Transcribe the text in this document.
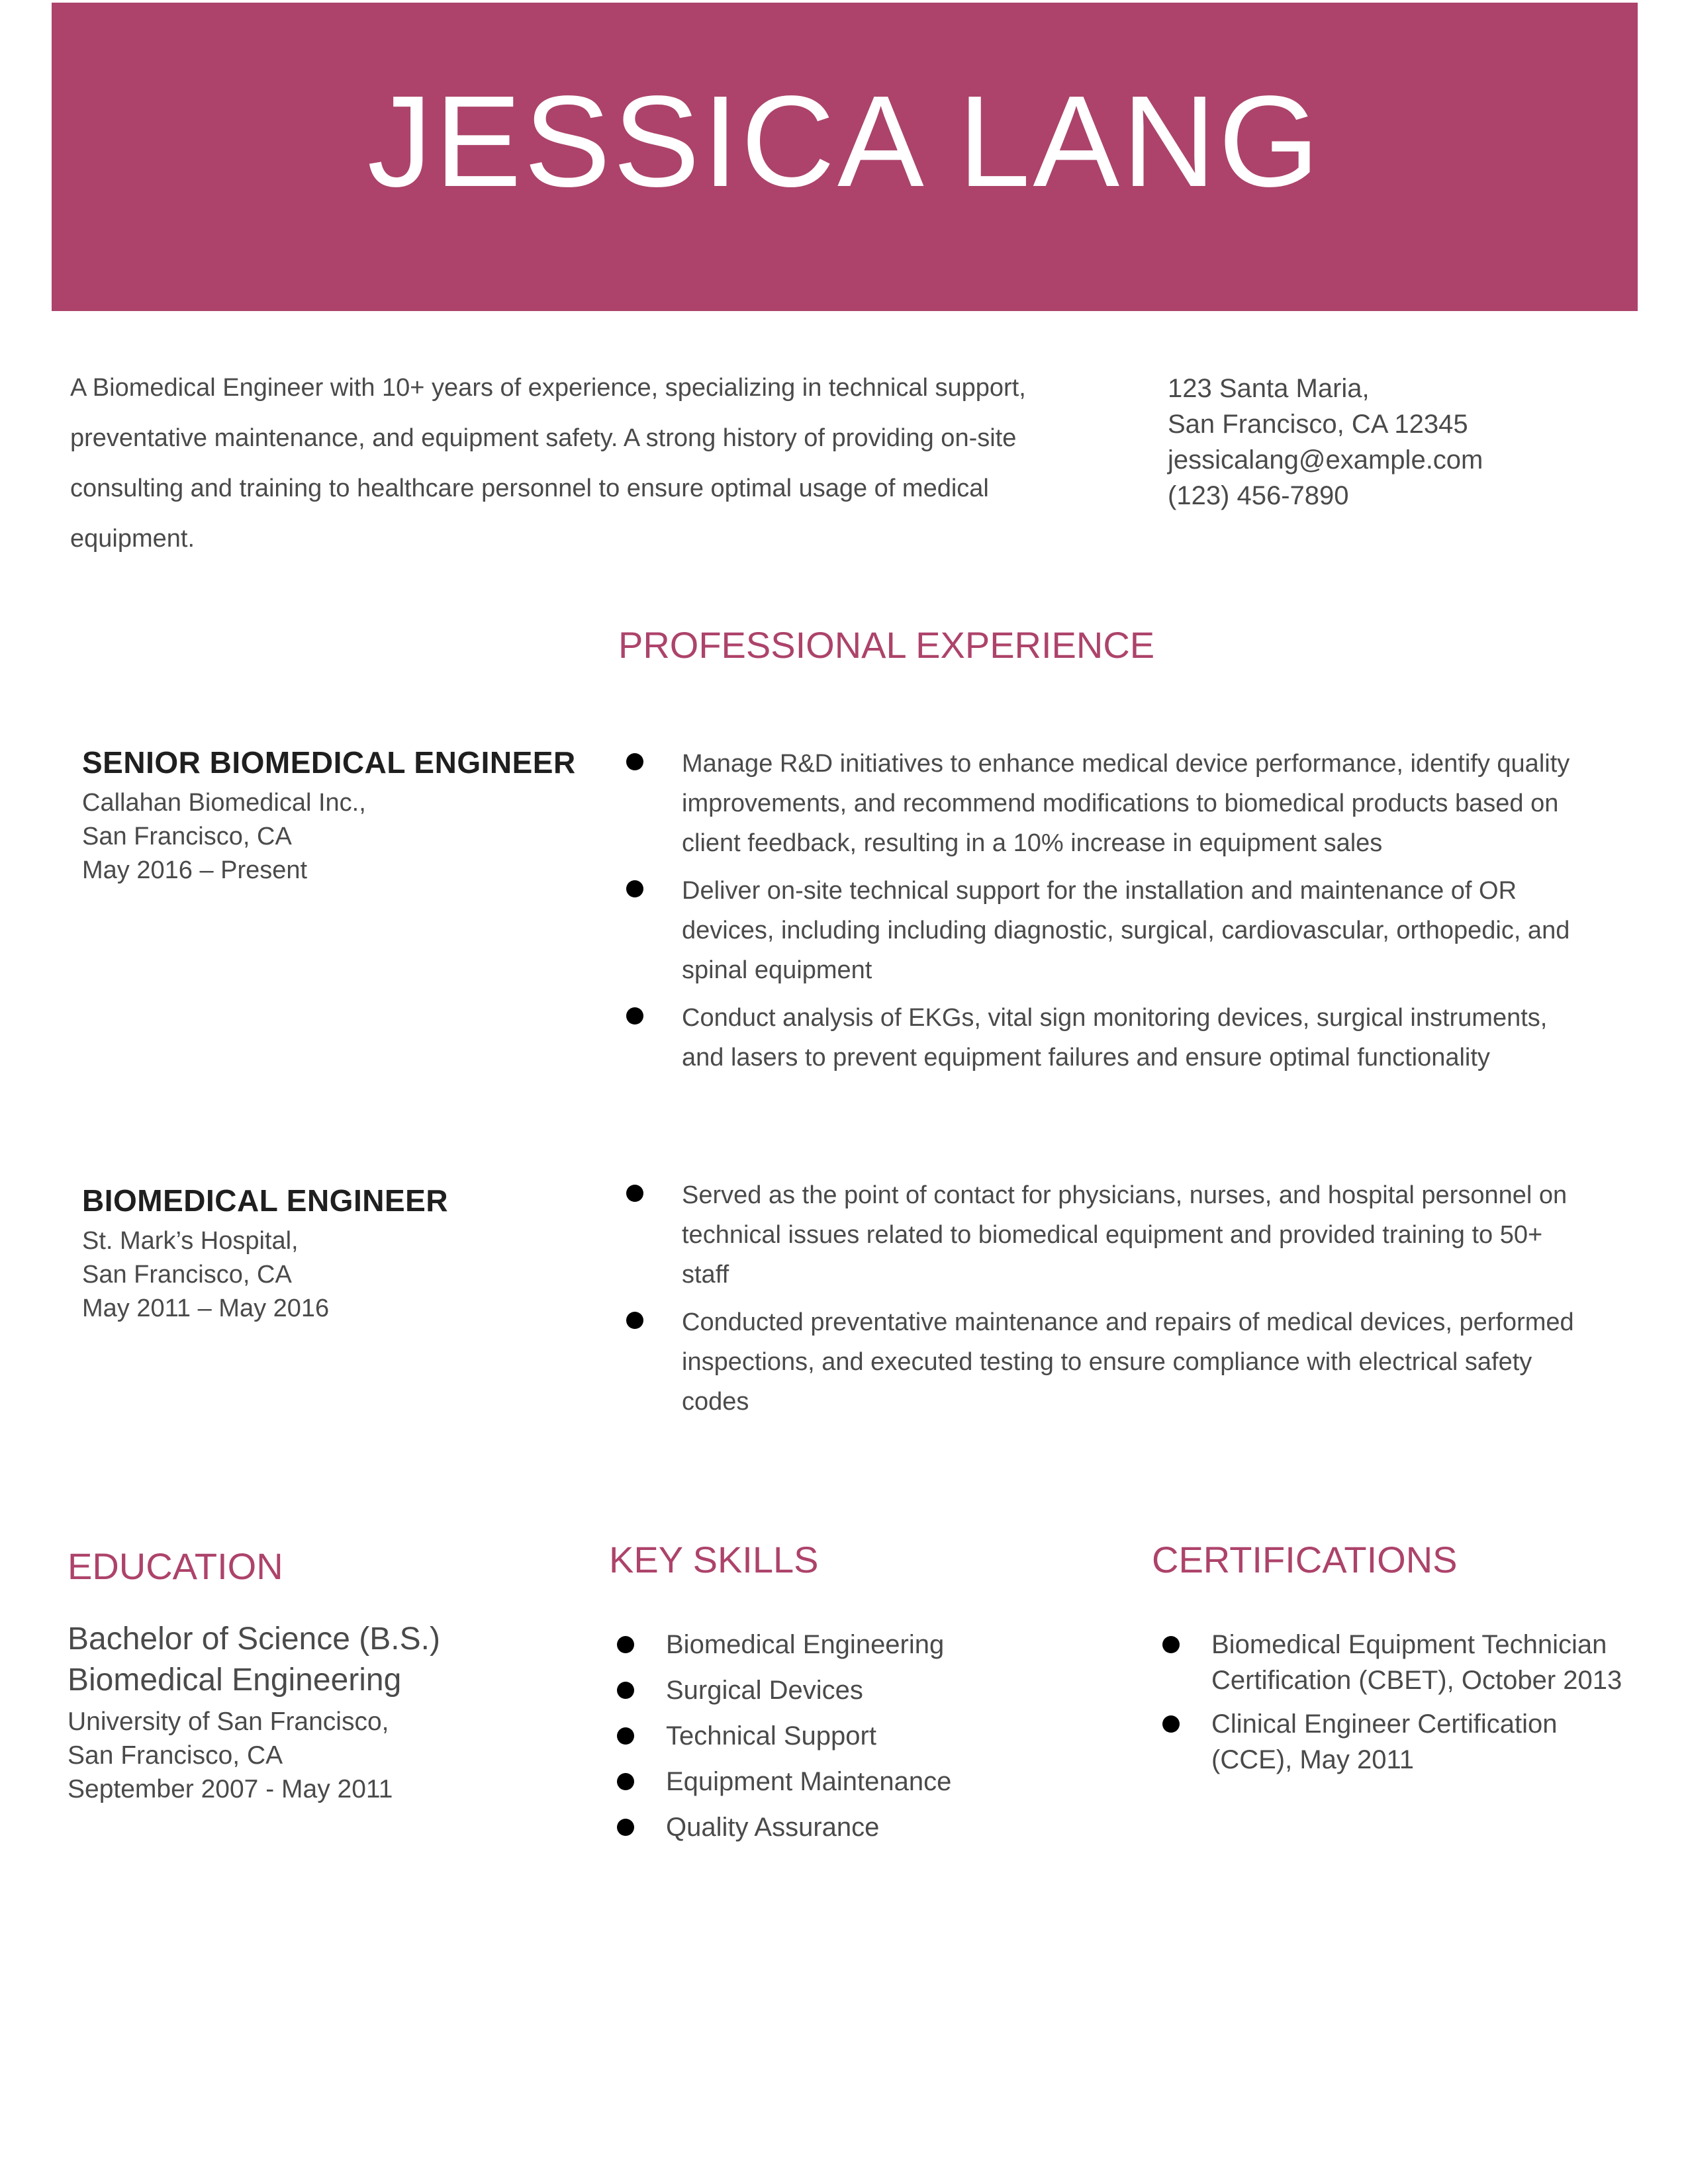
JESSICA LANG
A Biomedical Engineer with 10+ years of experience, specializing in technical support, preventative maintenance, and equipment safety. A strong history of providing on-site consulting and training to healthcare personnel to ensure optimal usage of medical equipment.
123 Santa Maria,
San Francisco, CA 12345
jessicalang@example.com
(123) 456-7890
PROFESSIONAL EXPERIENCE
SENIOR BIOMEDICAL ENGINEER
Callahan Biomedical Inc.,
San Francisco, CA
May 2016 – Present
Manage R&D initiatives to enhance medical device performance, identify quality improvements, and recommend modifications to biomedical products based on client feedback, resulting in a 10% increase in equipment sales
Deliver on-site technical support for the installation and maintenance of OR devices, including including diagnostic, surgical, cardiovascular, orthopedic, and spinal equipment
Conduct analysis of EKGs, vital sign monitoring devices, surgical instruments, and lasers to prevent equipment failures and ensure optimal functionality
BIOMEDICAL ENGINEER
St. Mark’s Hospital,
San Francisco, CA
May 2011 – May 2016
Served as the point of contact for physicians, nurses, and hospital personnel on technical issues related to biomedical equipment and provided training to 50+ staff
Conducted preventative maintenance and repairs of medical devices, performed inspections, and executed testing to ensure compliance with electrical safety codes
EDUCATION
Bachelor of Science (B.S.)
Biomedical Engineering
University of San Francisco,
San Francisco, CA
September 2007 - May 2011
KEY SKILLS
Biomedical Engineering
Surgical Devices
Technical Support
Equipment Maintenance
Quality Assurance
CERTIFICATIONS
Biomedical Equipment Technician Certification (CBET), October 2013
Clinical Engineer Certification (CCE), May 2011
